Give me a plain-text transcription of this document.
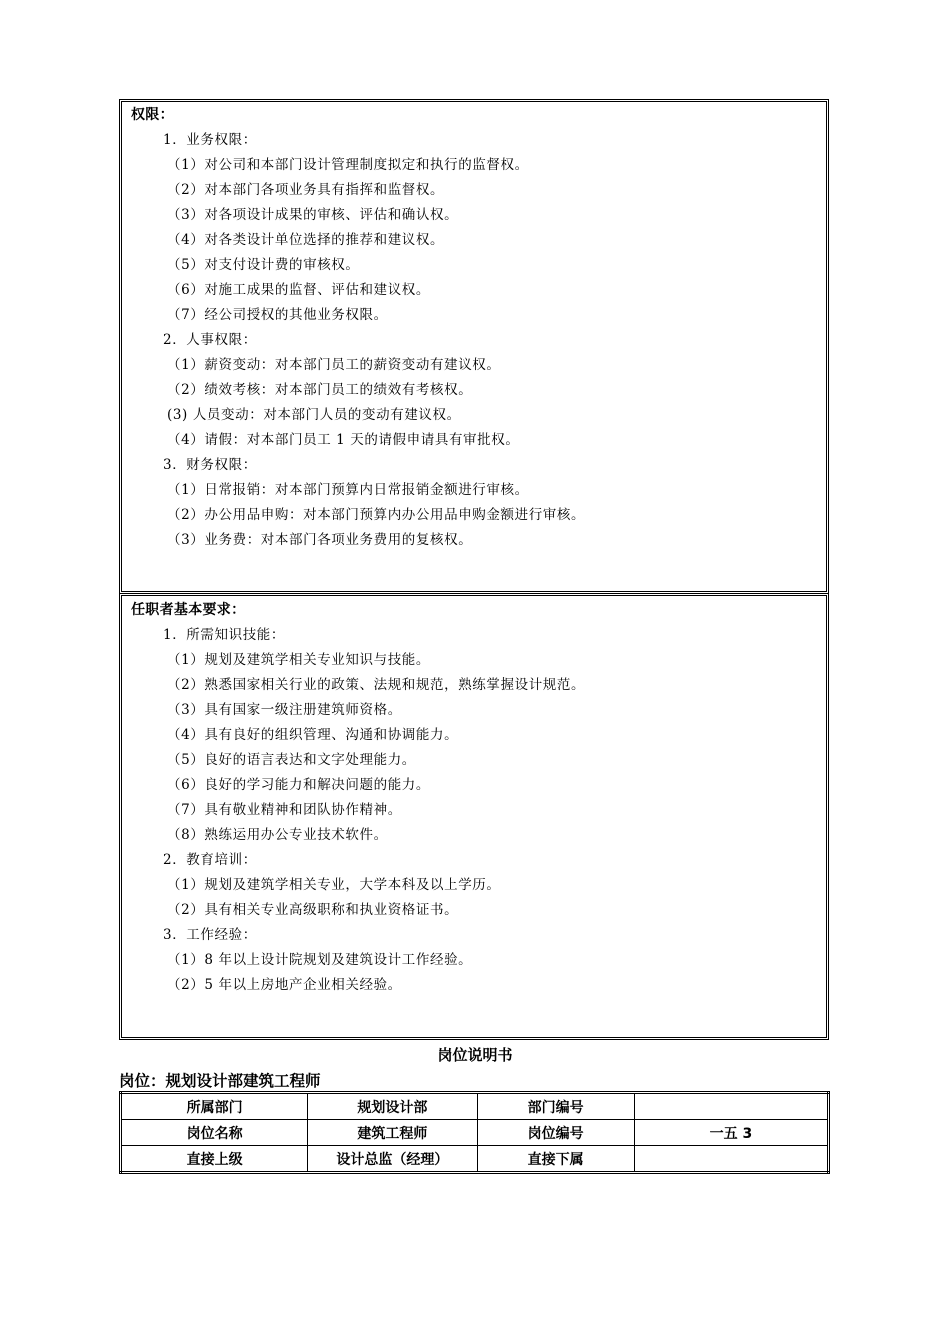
权限：
1．业务权限：
（1）对公司和本部门设计管理制度拟定和执行的监督权。
（2）对本部门各项业务具有指挥和监督权。
（3）对各项设计成果的审核、评估和确认权。
（4）对各类设计单位选择的推荐和建议权。
（5）对支付设计费的审核权。
（6）对施工成果的监督、评估和建议权。
（7）经公司授权的其他业务权限。
2．人事权限：
（1）薪资变动：对本部门员工的薪资变动有建议权。
（2）绩效考核：对本部门员工的绩效有考核权。
(3) 人员变动：对本部门人员的变动有建议权。
（4）请假：对本部门员工 1 天的请假申请具有审批权。
3．财务权限：
（1）日常报销：对本部门预算内日常报销金额进行审核。
（2）办公用品申购：对本部门预算内办公用品申购金额进行审核。
（3）业务费：对本部门各项业务费用的复核权。
任职者基本要求：
1．所需知识技能：
（1）规划及建筑学相关专业知识与技能。
（2）熟悉国家相关行业的政策、法规和规范，熟练掌握设计规范。
（3）具有国家一级注册建筑师资格。
（4）具有良好的组织管理、沟通和协调能力。
（5）良好的语言表达和文字处理能力。
（6）良好的学习能力和解决问题的能力。
（7）具有敬业精神和团队协作精神。
（8）熟练运用办公专业技术软件。
2．教育培训：
（1）规划及建筑学相关专业，大学本科及以上学历。
（2）具有相关专业高级职称和执业资格证书。
3．工作经验：
（1）8 年以上设计院规划及建筑设计工作经验。
（2）5 年以上房地产企业相关经验。
岗位说明书
岗位：规划设计部建筑工程师
所属部门	规划设计部	部门编号	
岗位名称	建筑工程师	岗位编号	一五 3
直接上级	设计总监（经理）	直接下属	
